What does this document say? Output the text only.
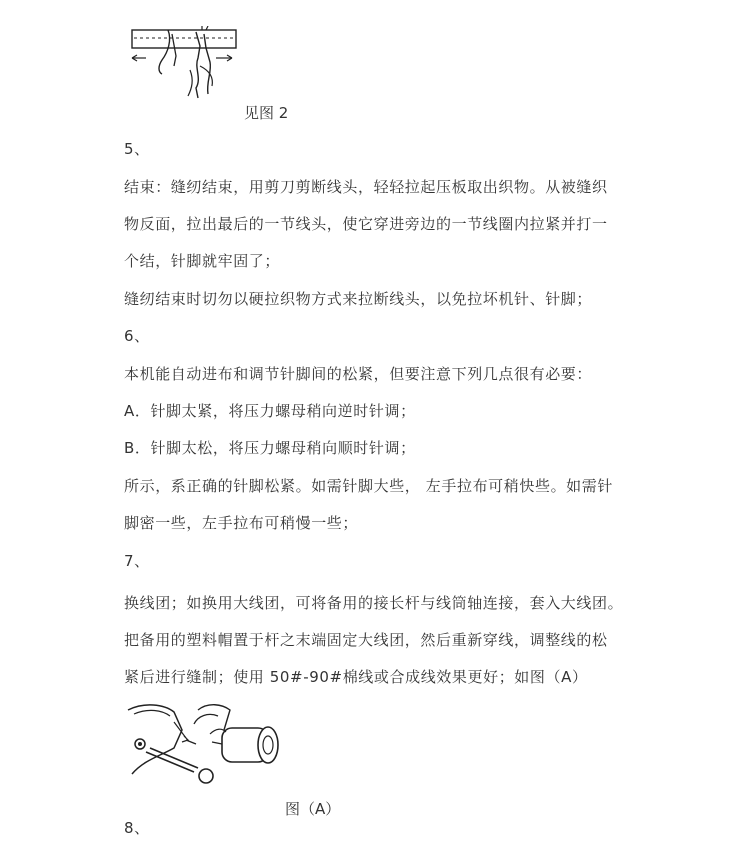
见图 2

5、

结束：缝纫结束，用剪刀剪断线头，轻轻拉起压板取出织物。从被缝织

物反面，拉出最后的一节线头，使它穿进旁边的一节线圈内拉紧并打一

个结，针脚就牢固了；

缝纫结束时切勿以硬拉织物方式来拉断线头，以免拉坏机针、针脚；

6、

本机能自动进布和调节针脚间的松紧，但要注意下列几点很有必要：

A．针脚太紧，将压力螺母稍向逆时针调；

B．针脚太松，将压力螺母稍向顺时针调；

所示，系正确的针脚松紧。如需针脚大些， 左手拉布可稍快些。如需针

脚密一些，左手拉布可稍慢一些；

7、

换线团；如换用大线团，可将备用的接长杆与线筒轴连接，套入大线团。

把备用的塑料帽置于杆之末端固定大线团，然后重新穿线，调整线的松

紧后进行缝制；使用 50#-90#棉线或合成线效果更好；如图（A）

图（A）

8、
